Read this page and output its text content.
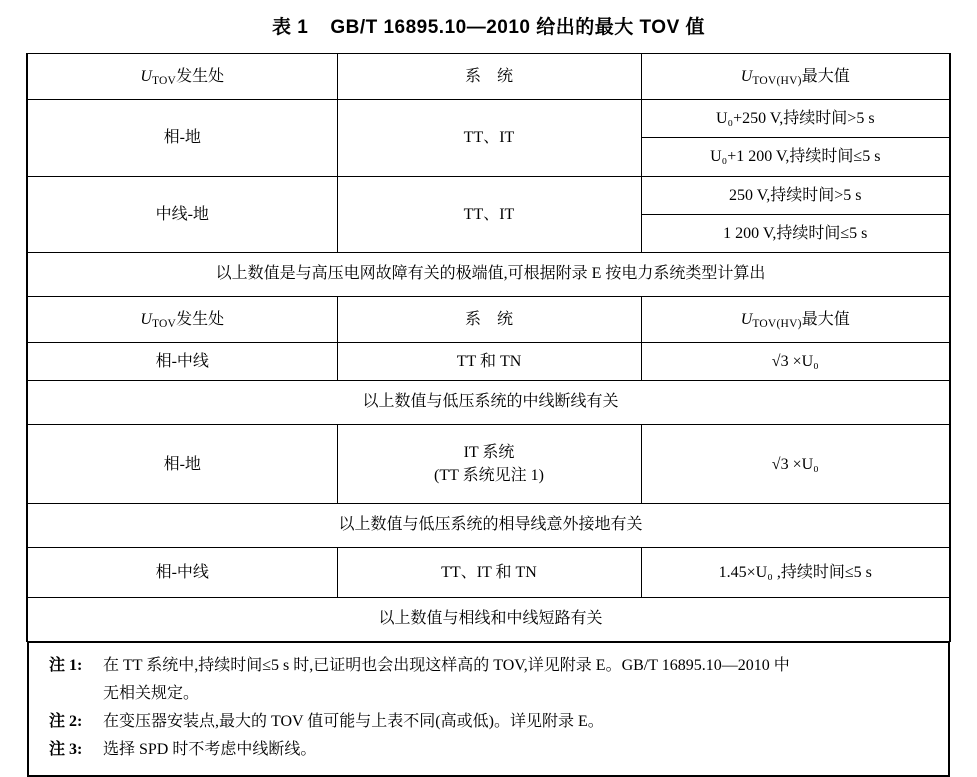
表 1 GB/T 16895.10—2010 给出的最大 TOV 值
$U_{TOV}$发生处	系　统	$U_{TOV(HV)}$最大值

相-地	TT、IT	U₀+250 V,持续时间>5 s

		U₀+1 200 V,持续时间≤5 s

中线-地	TT、IT	250 V,持续时间>5 s

		1 200 V,持续时间≤5 s

以上数值是与高压电网故障有关的极端值,可根据附录 E 按电力系统类型计算出		

$U_{TOV}$发生处	系　统	$U_{TOV(HV)}$最大值

相-中线	TT 和 TN	√3 ×U₀

以上数值与低压系统的中线断线有关		

相-地	IT 系统
(TT 系统见注 1)	√3 ×U₀

以上数值与低压系统的相导线意外接地有关		

相-中线	TT、IT 和 TN	1.45×U₀ ,持续时间≤5 s

以上数值与相线和中线短路有关		
注 1: 在 TT 系统中,持续时间≤5 s 时,已证明也会出现这样高的 TOV,详见附录 E。GB/T 16895.10—2010 中
无相关规定。
注 2: 在变压器安装点,最大的 TOV 值可能与上表不同(高或低)。详见附录 E。
注 3: 选择 SPD 时不考虑中线断线。
